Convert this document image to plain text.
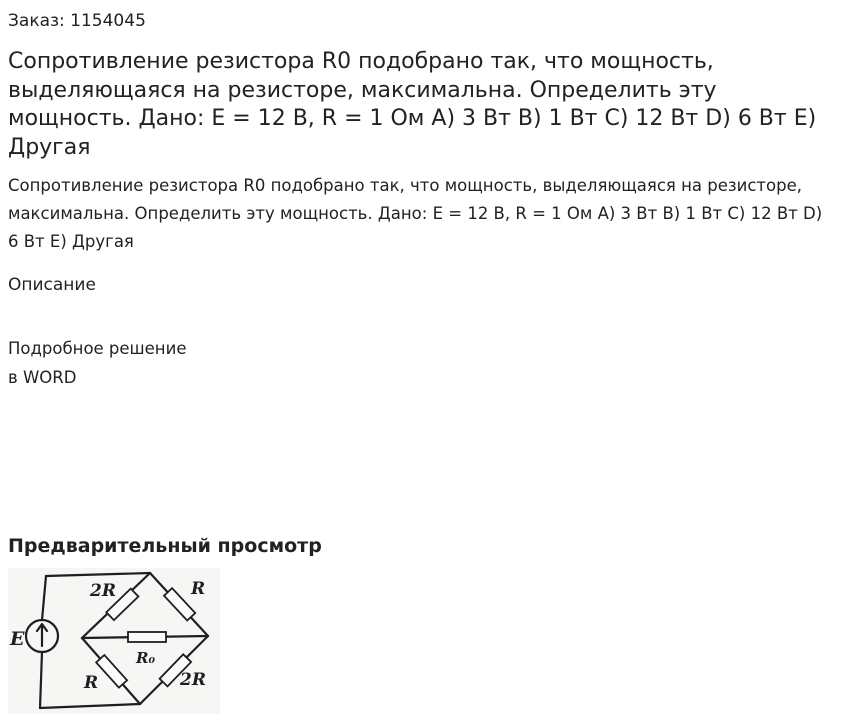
Заказ: 1154045
Сопротивление резистора R0 подобрано так, что мощность, выделяющаяся на резисторе, максимальна. Определить эту мощность. Дано: E = 12 В, R = 1 Ом A) 3 Вт B) 1 Вт C) 12 Вт D) 6 Вт E) Другая

Сопротивление резистора R0 подобрано так, что мощность, выделяющаяся на резисторе, максимальна. Определить эту мощность. Дано: E = 12 В, R = 1 Ом A) 3 Вт B) 1 Вт C) 12 Вт D) 6 Вт E) Другая

Описание
Подробное решение
в WORD
Предварительный просмотр
E
2R	R
R₀
R	2R
